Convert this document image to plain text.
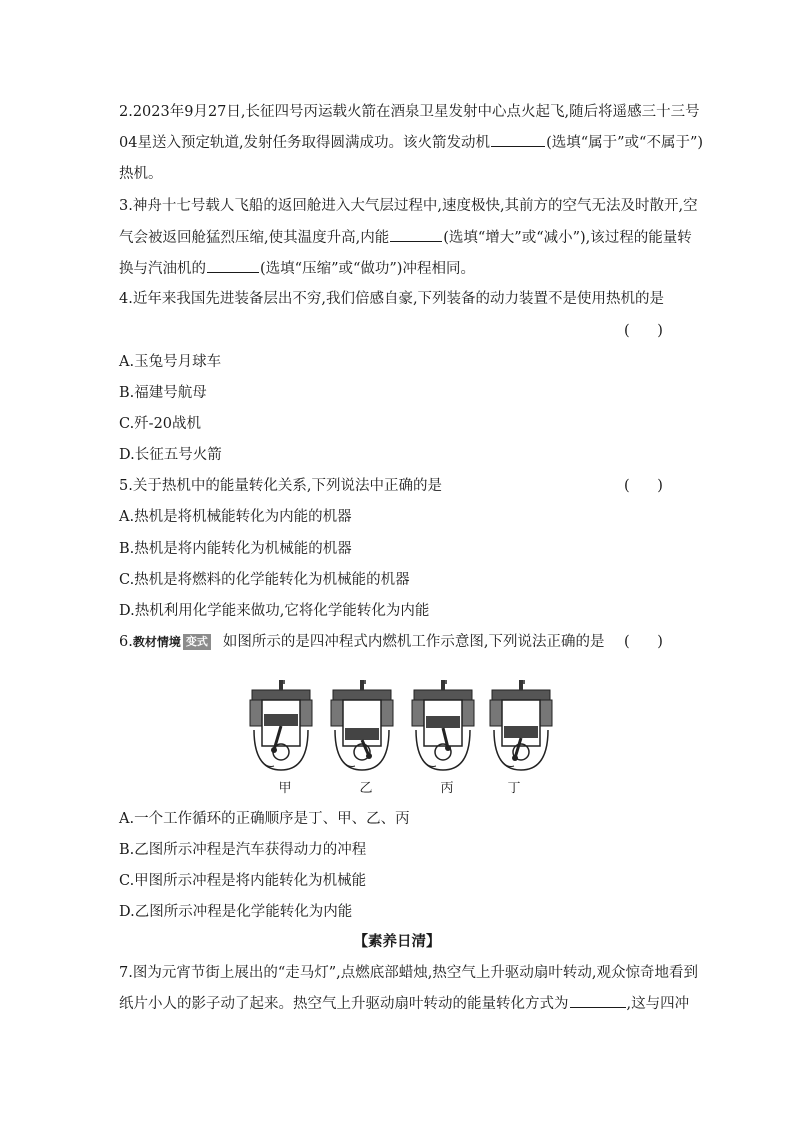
2.2023年9月27日,长征四号丙运载火箭在酒泉卫星发射中心点火起飞,随后将遥感三十三号
04星送入预定轨道,发射任务取得圆满成功。该火箭发动机	(选填“属于”或“不属于”)
热机。
3.神舟十七号载人飞船的返回舱进入大气层过程中,速度极快,其前方的空气无法及时散开,空
气会被返回舱猛烈压缩,使其温度升高,内能	(选填“增大”或“减小”),该过程的能量转
换与汽油机的	(选填“压缩”或“做功”)冲程相同。
4.近年来我国先进装备层出不穷,我们倍感自豪,下列装备的动力装置不是使用热机的是
(      )
A.玉兔号月球车
B.福建号航母
C.歼-20战机
D.长征五号火箭
5.关于热机中的能量转化关系,下列说法中正确的是	(      )
A.热机是将机械能转化为内能的机器
B.热机是将内能转化为机械能的机器
C.热机是将燃料的化学能转化为机械能的机器
D.热机利用化学能来做功,它将化学能转化为内能
6.教材情境 变式 如图所示的是四冲程式内燃机工作示意图,下列说法正确的是 (      )
甲	乙	丙	丁
A.一个工作循环的正确顺序是丁、甲、乙、丙
B.乙图所示冲程是汽车获得动力的冲程
C.甲图所示冲程是将内能转化为机械能
D.乙图所示冲程是化学能转化为内能
【素养日清】
7.图为元宵节街上展出的“走马灯”,点燃底部蜡烛,热空气上升驱动扇叶转动,观众惊奇地看到
纸片小人的影子动了起来。热空气上升驱动扇叶转动的能量转化方式为	,这与四冲
